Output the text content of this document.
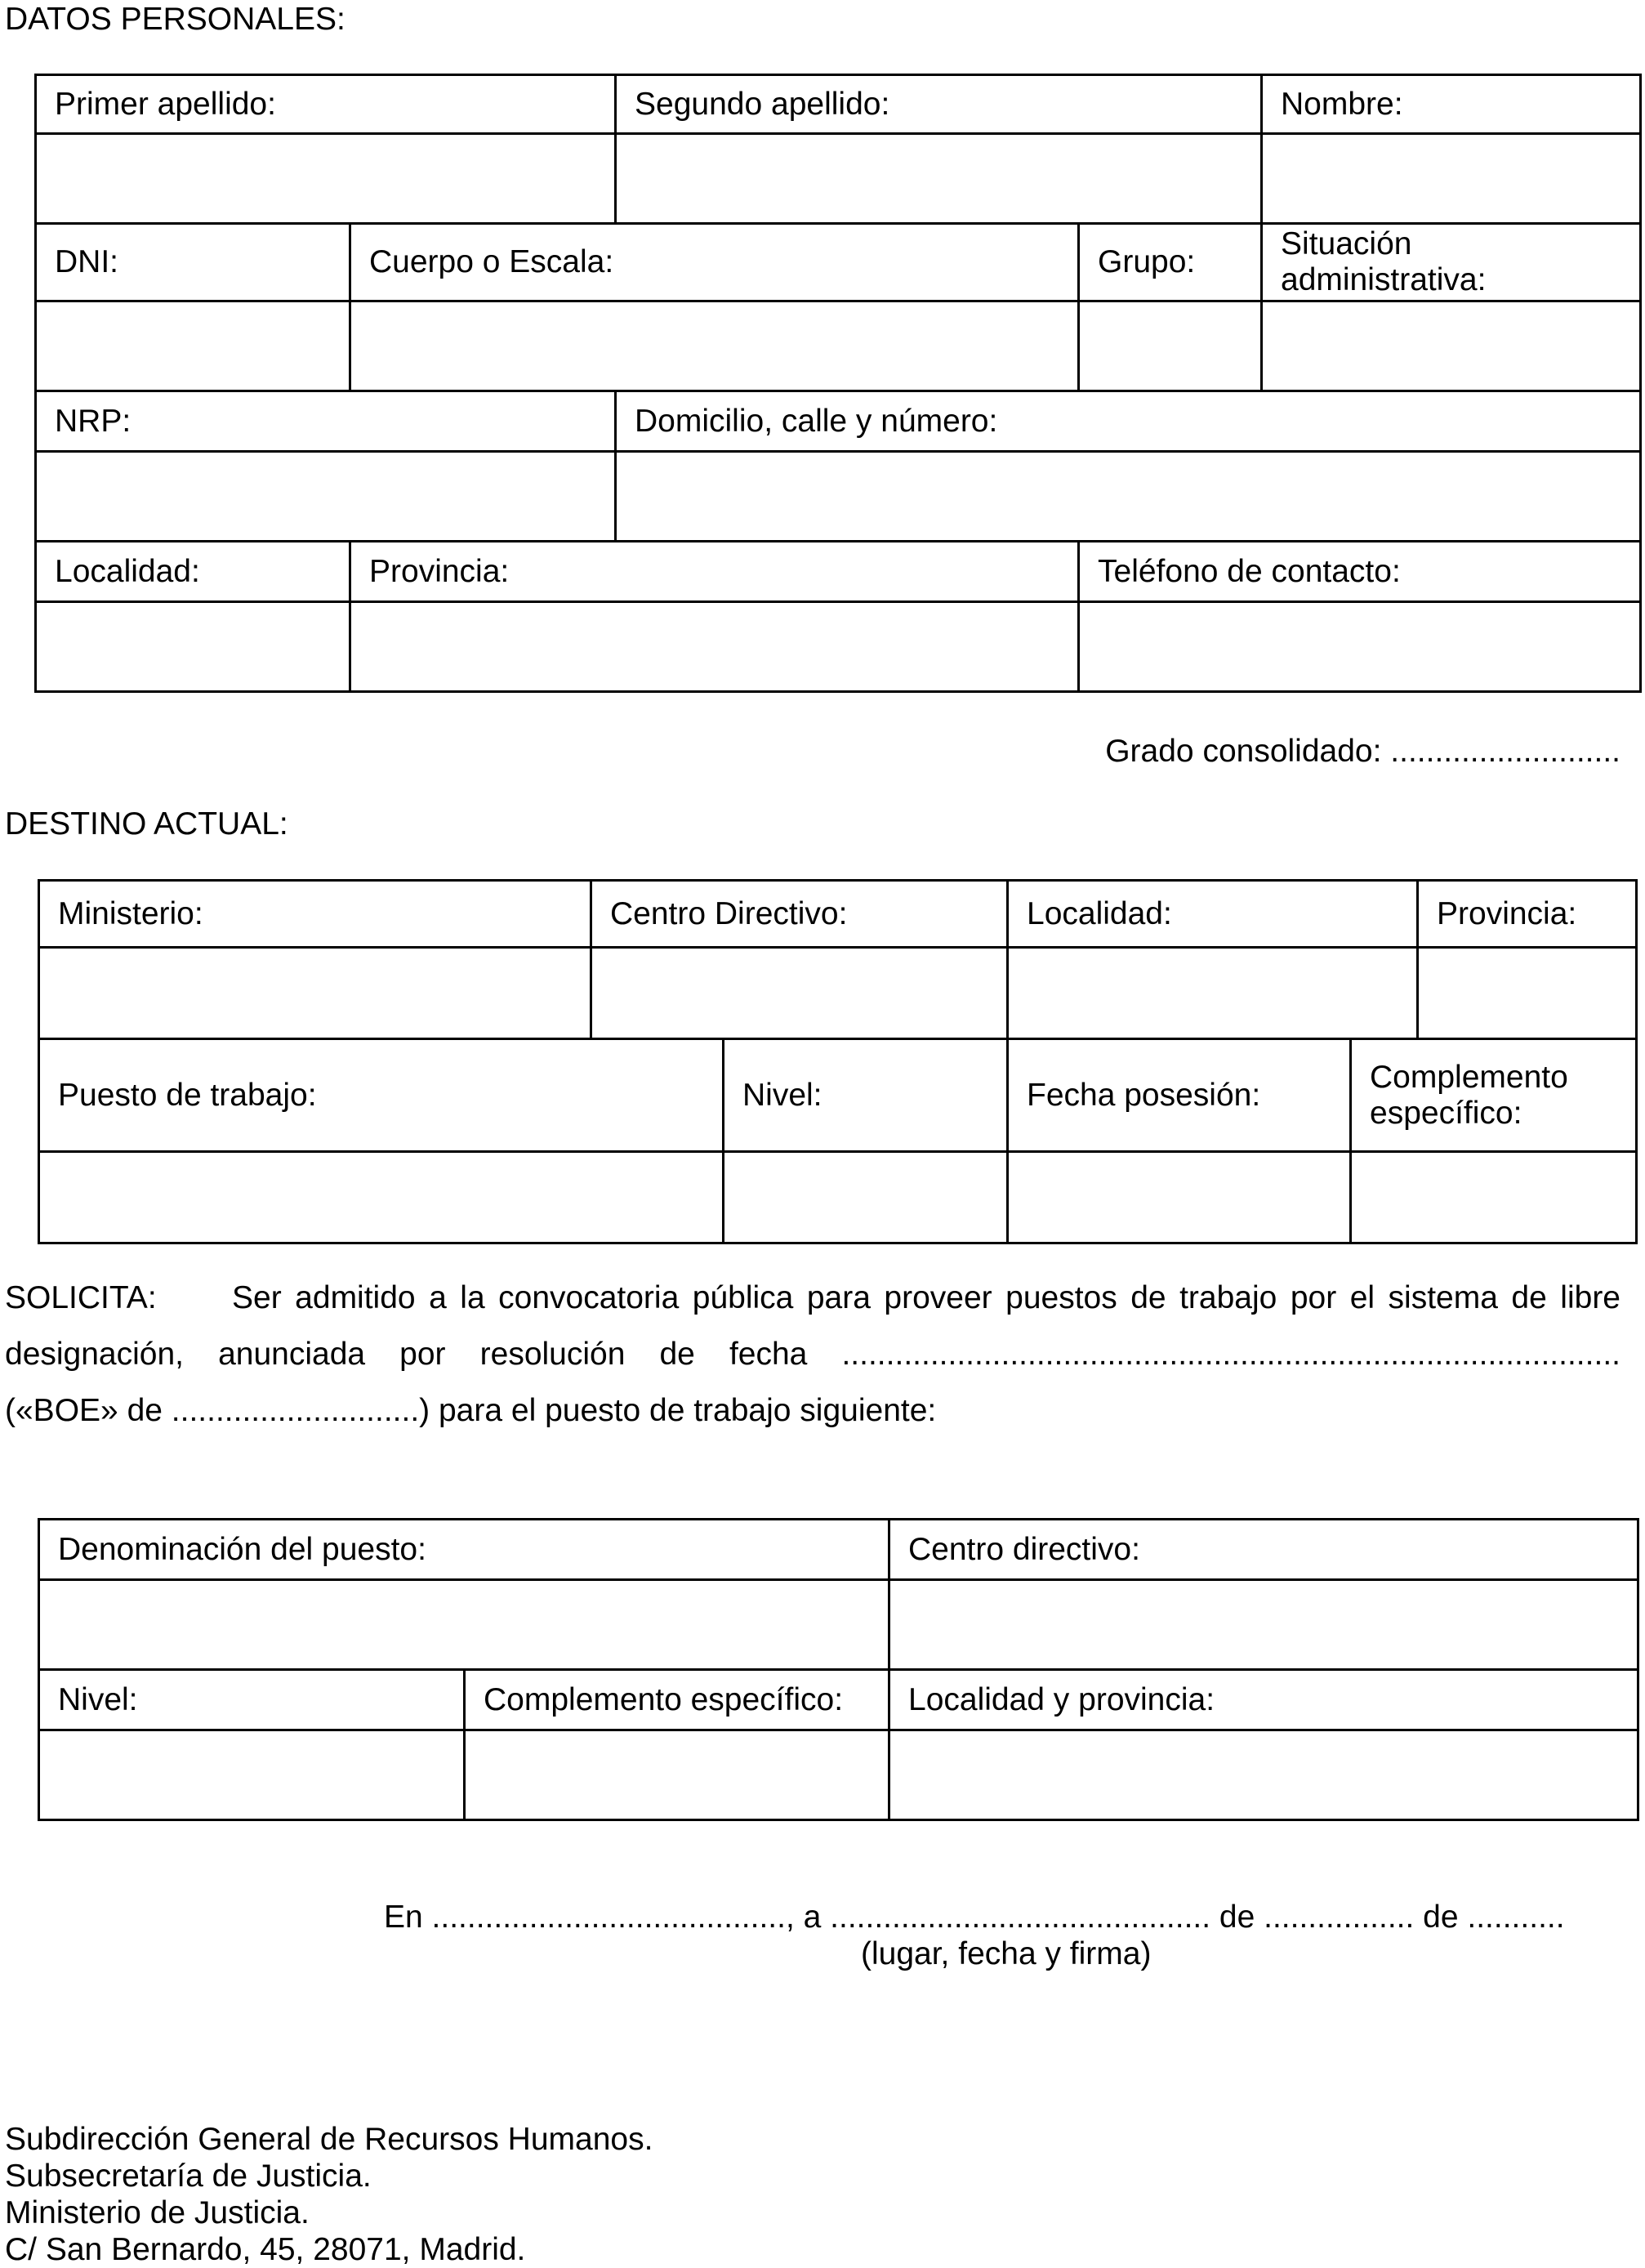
DATOS PERSONALES:
Primer apellido:		Segundo apellido:		Nombre:

DNI:	Cuerpo o Escala:		Grupo:	Situación administrativa:

NRP:		Domicilio, calle y número:		

Localidad:	Provincia:		Teléfono de contacto:	

Grado consolidado: ..........................
DESTINO ACTUAL:
Ministerio:	Centro Directivo:		Localidad:		Provincia:

Puesto de trabajo:		Nivel:	Fecha posesión:	Complemento específico:	

SOLICITA: Ser admitido a la convocatoria pública para proveer puestos de trabajo por el sistema de libre
designación, anunciada por resolución de fecha ........................................................................................
(«BOE» de ............................) para el puesto de trabajo siguiente:
Denominación del puesto:		Centro directivo:

Nivel:	Complemento específico:	Localidad y provincia:

En ........................................, a ........................................... de ................. de ...........
(lugar, fecha y firma)
Subdirección General de Recursos Humanos.
Subsecretaría de Justicia.
Ministerio de Justicia.
C/ San Bernardo, 45, 28071, Madrid.
